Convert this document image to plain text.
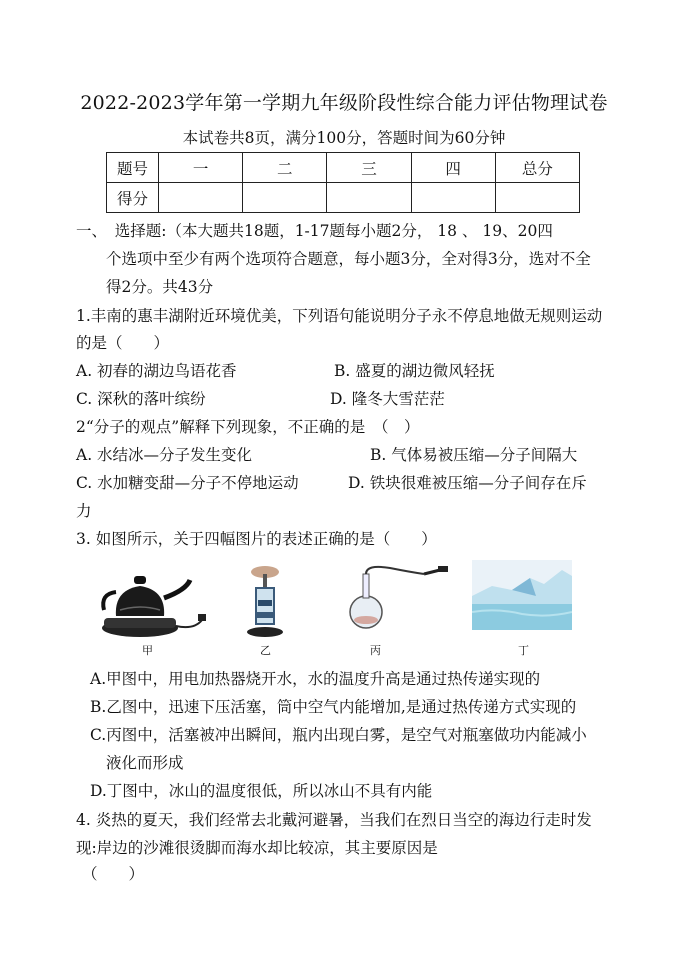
2022-2023学年第一学期九年级阶段性综合能力评估物理试卷
本试卷共8页，满分100分，答题时间为60分钟
题号	一	二	三	四	总分
得分					
一、　选择题:（本大题共18题，1-17题每小题2分， 18 、 19、20四
个选项中至少有两个选项符合题意，每小题3分，全对得3分，选对不全
得2分。共43分
1.丰南的惠丰湖附近环境优美，下列语句能说明分子永不停息地做无规则运动
的是（　　）
A. 初春的湖边鸟语花香	B. 盛夏的湖边微风轻抚
C. 深秋的落叶缤纷	D. 隆冬大雪茫茫
2“分子的观点”解释下列现象，不正确的是　（　）
A. 水结冰—分子发生变化	B. 气体易被压缩—分子间隔大
C. 水加糖变甜—分子不停地运动	D. 铁块很难被压缩—分子间存在斥
力
3. 如图所示，关于四幅图片的表述正确的是（　　）
甲	乙	丙	丁
A.甲图中，用电加热器烧开水，水的温度升高是通过热传递实现的
B.乙图中，迅速下压活塞，筒中空气内能增加,是通过热传递方式实现的
C.丙图中，活塞被冲出瞬间，瓶内出现白雾，是空气对瓶塞做功内能减小
液化而形成
D.丁图中，冰山的温度很低，所以冰山不具有内能
4. 炎热的夏天，我们经常去北戴河避暑，当我们在烈日当空的海边行走时发
现:岸边的沙滩很烫脚而海水却比较凉，其主要原因是
（　　）
